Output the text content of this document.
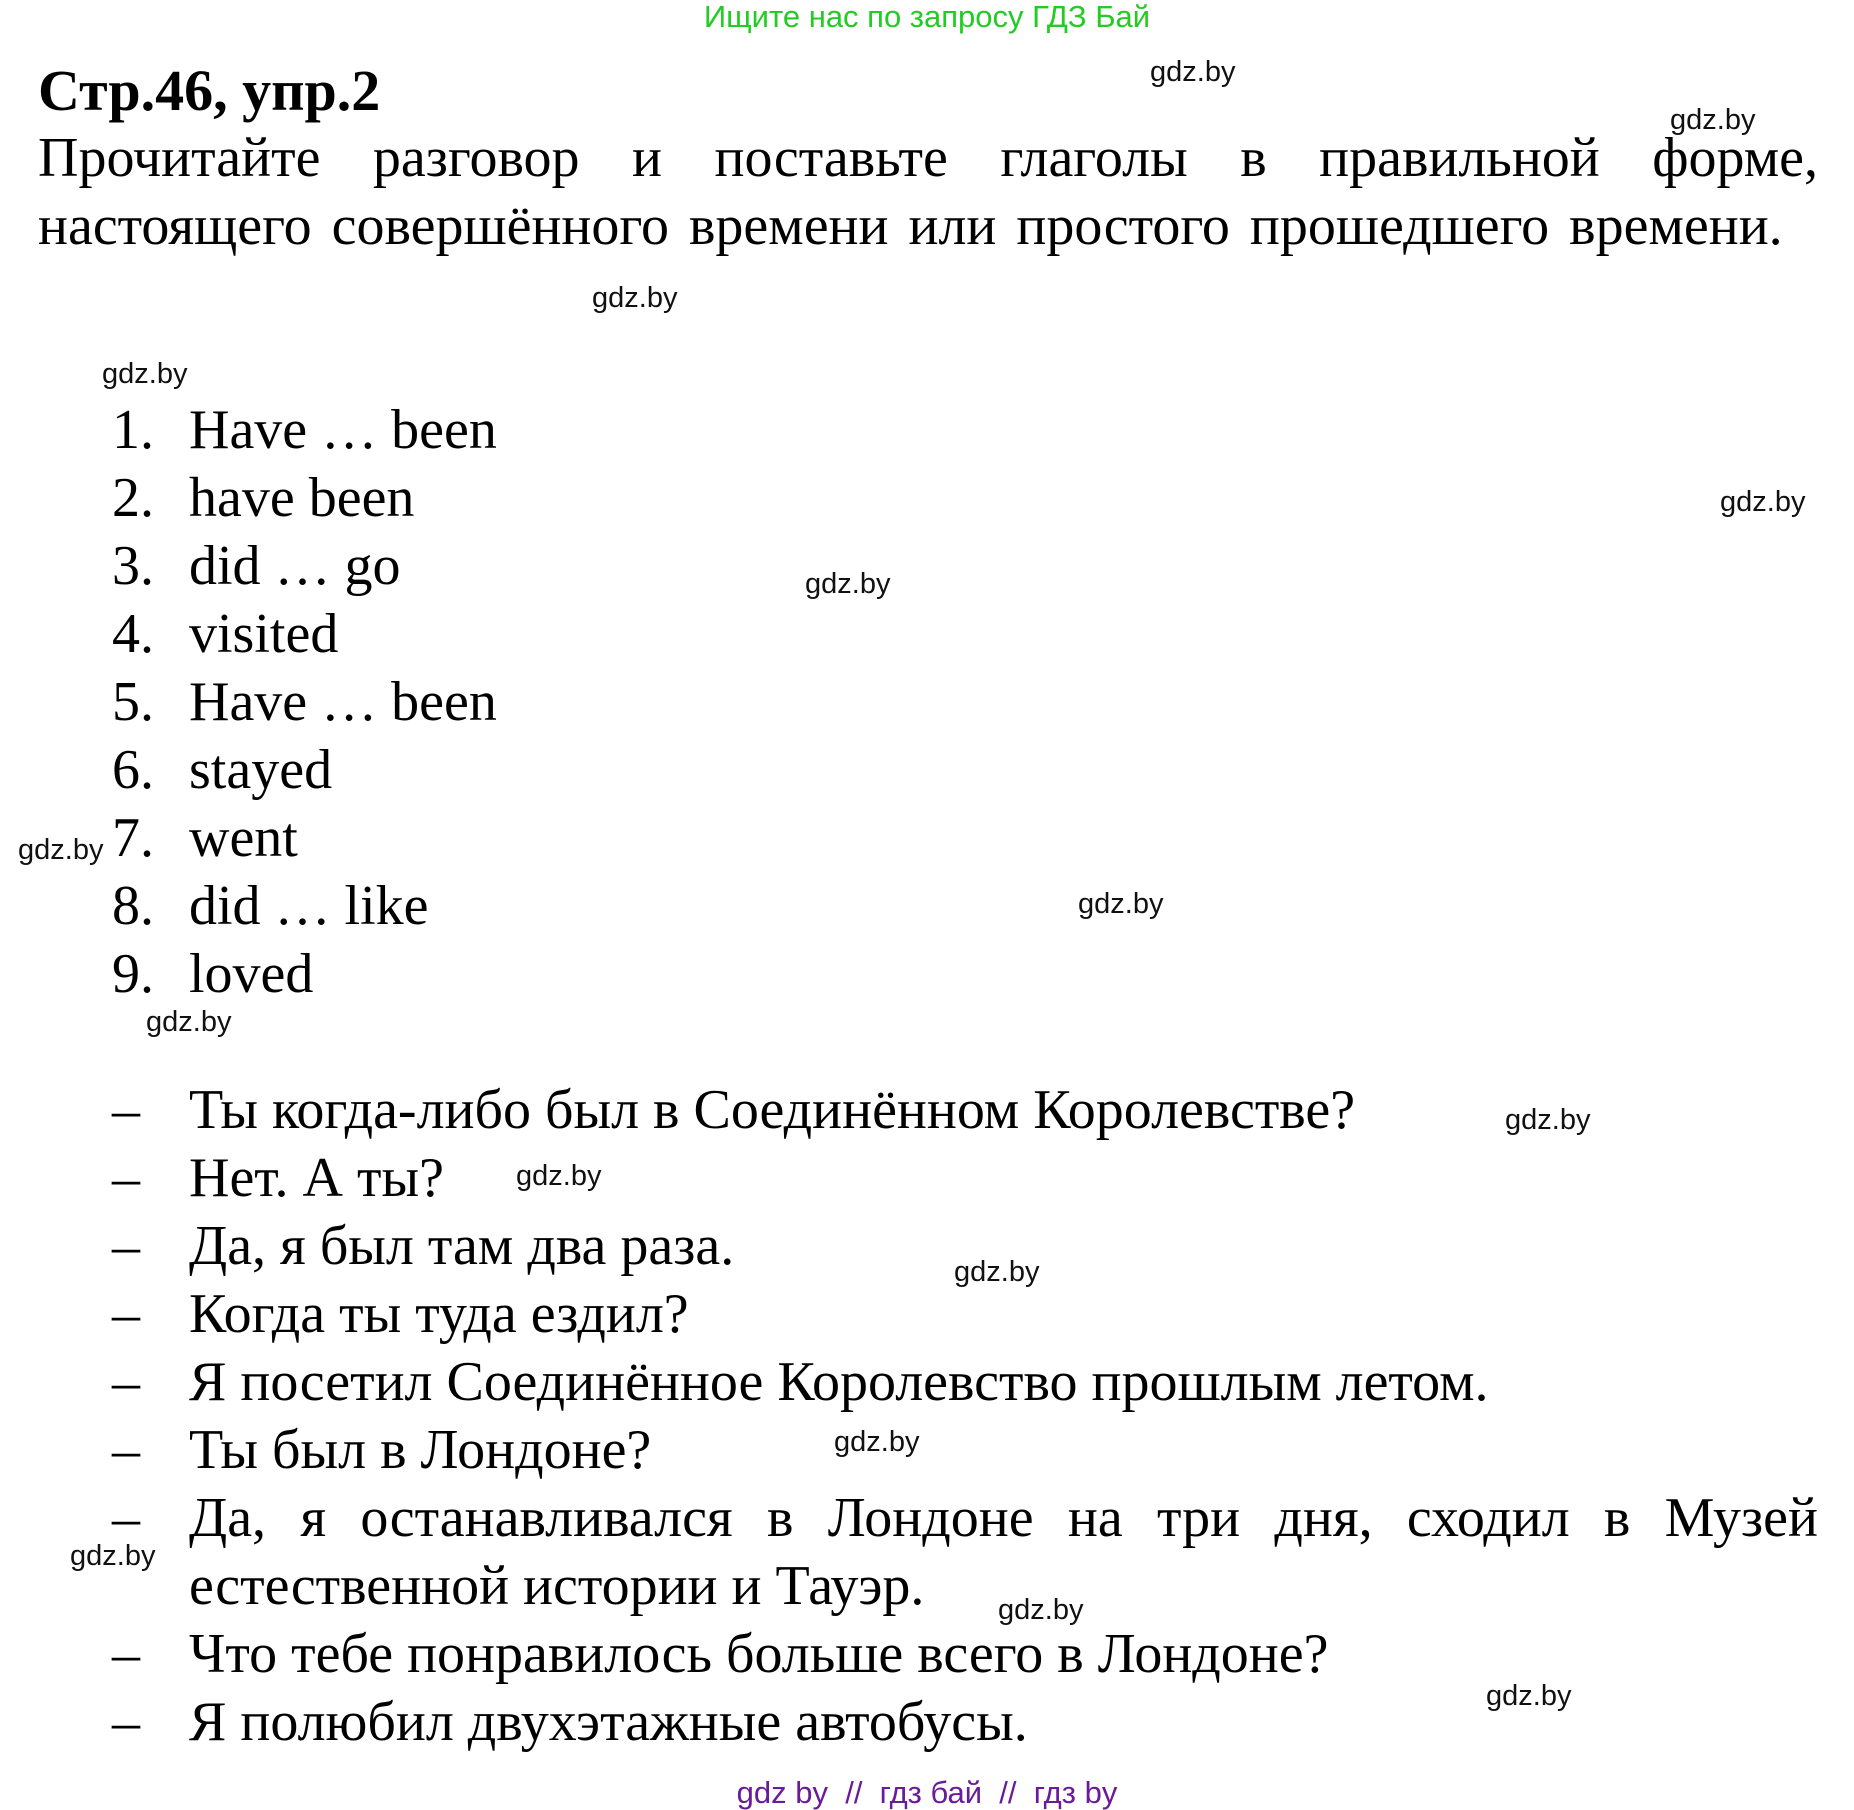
Ищите нас по запросу ГДЗ Бай
Стр.46, упр.2
Прочитайте разговор и поставьте глаголы в правильной форме, настоящего совершённого времени или простого прошедшего времени.
1. Have … been
2. have been
3. did … go
4. visited
5. Have … been
6. stayed
7. went
8. did … like
9. loved
– Ты когда-либо был в Соединённом Королевстве?
– Нет. А ты?
– Да, я был там два раза.
– Когда ты туда ездил?
– Я посетил Соединённое Королевство прошлым летом.
– Ты был в Лондоне?
– Да, я останавливался в Лондоне на три дня, сходил в Музей естественной истории и Тауэр.
– Что тебе понравилось больше всего в Лондоне?
– Я полюбил двухэтажные автобусы.
gdz.by
gdz.by
gdz.by
gdz.by
gdz.by
gdz.by
gdz.by
gdz.by
gdz.by
gdz.by
gdz.by
gdz.by
gdz.by
gdz.by
gdz.by
gdz.by
gdz by  //  гдз бай  //  гдз by
